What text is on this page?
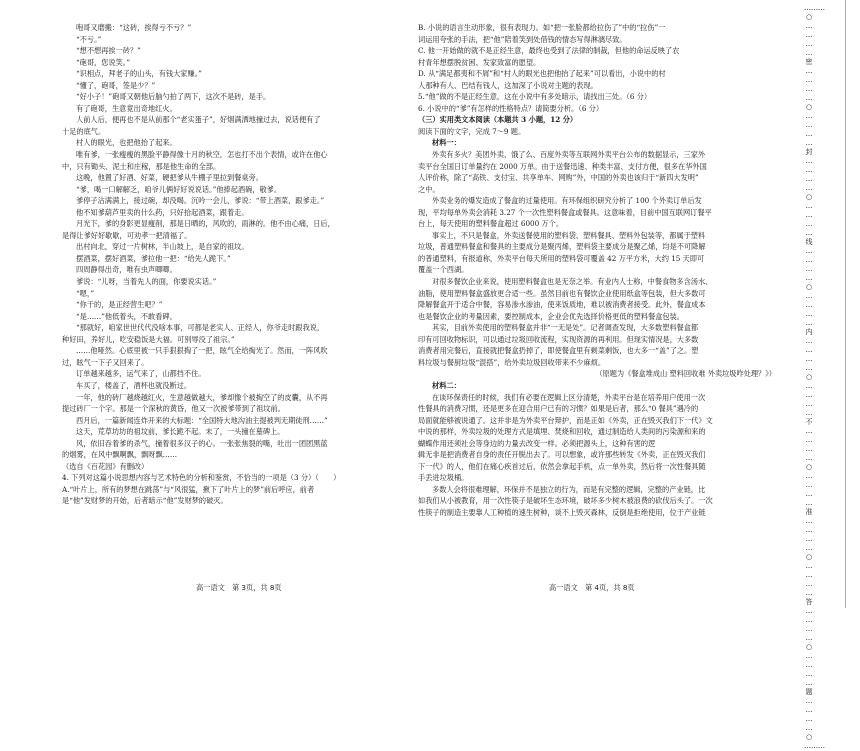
咆哥又磨搬：“这砖，挨得亏不亏？”
“不亏。”
“想不想再挨一砖？”
“砲哥，您说笑。”
“识相点，拜老子的山头，有钱大家赚。”
“懂了，砲哥，签是少？”
“好小子！”砲哥又朝他后脑勺拍了两下，这次不是砖，是手。
有了砲哥，生意竟出奇地红火。
人前人后，便再也不是从前那个“老实蛋子”，好烟满洒地撞过去，说话便有了
十足的底气。
村人的眼光，也把他抬了起来。
唯有爹，一张瘦瘦的黑脸平静得像十月的秋空，怎也打不出个表情，或许在他心
中，只有锄头、泥土和庄稼，那是他生命的全部。
这晚，他置了好酒、好菜，硬把爹从牛棚子里拉到餐桌旁。
“爹，喝一口解解乏，咱爷儿俩好好说说话。”他捧起酒碗，敬爹。
爹停子沾满满上，接过碗，却没喝。沉吟一会儿，爹说：“带上酒菜，跟爹走。”
他不知爹葫芦里卖的什么药，只好拾起酒菜，跟着走。
月光下，爹的身影更显瘦削，那是日晒的，风吹的，雨淋的。他不由心痛，日后，
是得让爹好好歇歇，可劝孝一把清福了。
出村向北，穿过一片树林，半山坡上，是自家的祖坟。
摆酒菜，摆好酒菜，爹拉他一把：“给先人跪下。”
四周静得出奇，唯有虫声唧唧。
爹说：“儿呀，当着先人的面，你要说实话。”
“嗯，”
“你干的，是正经营生吧？”
“是……”他低着头，不敢看碑。
“那就好，咱家世世代代没啥本事，可都是老实人、正经人，你爷走时跟我说，
种好田，养好儿，吃安稳饭是大福。可别辱没了祖宗。”
……他哑然。心底里被一只手狠狠掏了一把，眩气全给掏光了。然而，一阵风吹
过，眩气一下子又回来了。
订单越来越多，运气来了，山都挡不住。
车买了，楼盖了，酒杯也就没断过。
一年，他的砖厂越烧越红火，生意越做越大，爹却像个被掏空了的皮囊，从不再
提过砖厂一个字。那是一个深秋的黄昏，他又一次被爹带到了祖坟前。
西月后，一篇新闻连炸开来的大标题：“全国特大地沟油主提被判无期徒刑……”
这天，荒草坊坊的祖坟前，爹长跪不起。末了，一头撞在墓碑上。
风，依旧吞着爹的杀气，撞着很多汉子的心。一张张焦裂的嘴，吐出一团团黑蓝
的烟雾，在风中飘啊飘，飘呀飘……
（选自《百花园》有删改）
4. 下列对这篇小说思想内容与艺术特色的分析和鉴赏，不恰当的一项是（3 分）（　　）
A.“叶片上，所有的梦想在跳荡”与“风很猛，揪下了叶片上的梦”前后呼应，前者
是“他”发财梦的开始，后者暗示“他”发财梦的破灭。
B. 小说的语言生动形象，很有表现力。如“把一张脸都给拉伤了”中的“拉伤”一
词运用夸张的手法，把“他”陪着笑到处借钱的情态写得淋漓尽致。
C. 他一开始做的就不是正经生意，最终也受到了法律的制裁，但他的命运反映了农
村青年想摆脱贫困、发家致富的愿望。
D. 从“满足都夷和不屑”和“村人的眼光也把他抬了起来”可以看出，小说中的村
人那种有人、巴结有钱人，这加深了小说对主题的表现。
5.“他”做的不是正经生意，这在小说中有多处暗示，请找出三处。（6 分）
6. 小说中的“爹”有怎样的性格特点？请简要分析。（6 分）
（三）实用类文本阅读（本题共 3 小题，12 分）
阅读下面的文字，完成 7～9 题。
材料一：
外卖有多火？美团外卖、饿了么、百度外卖等互联网外卖平台公布的数据显示，三家外
卖平台全国日订单量约在 2000 万单。由于送餐迅速、种类丰富、支付方便，很多在华外国
人评价称，除了“高铁、支付宝、共享单车、网购”外，中国的外卖也该归于“新四大发明”
之中。
外卖业务的爆发造成了餐盒的过量使用。有环保组织研究分析了 100 个外卖订单后发
现，平均每单外卖会消耗 3.27 个一次性塑料餐盒或餐具。这意味着，目前中国互联网订餐平
台上，每天使用的塑料餐盒超过 6000 万个。
事实上，不只是餐盒，外卖送餐使用的塑料袋、塑料餐具、塑料外包装等，都属于塑料
垃圾，普通塑料餐盒和餐具的主要成分是聚丙烯，塑料袋主要成分是聚乙烯，均是不可降解
的普通塑料，有报道称，外卖平台每天所用的塑料袋可覆盖 42 万平方米，大约 15 天即可
覆盖一个西湖。
对很多餐饮企业来说，使用塑料餐盒也是无奈之举。有业内人士称，中餐食物多含汤水、
油脂，使用塑料餐盒盛放更合适一些。虽然目前也有餐饮企业使用纸盒等包装，但大多数可
降解餐盒开于适合中餐，容易渗水渗油，使来饭质地，难以被消费者接受。此外，餐盒成本
也是餐饮企业的考量因素，要控制成本，企业会优先选择价格更低的塑料餐盒包装。
其实，目前外卖使用的塑料餐盒并非“一无是处”。记者调查发现，大多数塑料餐盒都
印有可回收物标识，可以通过垃圾回收流程，实现资源的再利用。但现实情况是，大多数
消费者用完餐后，直接就把餐盒扔掉了，即使餐盒里有剩菜剩饭，也大多一“盖”了之。塑
料垃圾与餐厨垃圾“混搭”，给外卖垃圾回收带来不少麻烦。
（原题为《餐盒堆成山 塑料回收难 外卖垃圾咋处理？》）
材料二：
在谈环保责任的时候，我们有必要在逻辑上区分清楚，外卖平台是在培养用户使用一次
性餐具的消费习惯，还是更多在迎合用户已有的习惯？如果是后者，那么“0 餐具”遇冷的
局面就能够被说通了。这并非是为外卖平台辩护，而是正如《外卖，正在毁灭我们下一代》文
中说的那样，外卖垃圾的处理方式是填埋、焚烧和回收，通过制造给人类间的污染源和来的
蝴蝶作用还须社会等身边的力量去改变一样。必须把源头上，这种有害的逻
辑无非是把消费者自身的责任开脱出去了。可以想象，或许那些转发《外卖，正在毁灭我们
下一代》的人，他们在痛心疾首过后，依然会拿起手机，点一单外卖，然后将一次性餐具随
手丢进垃圾桶。
多数人会将很难理解，环保并不是独立的行为，而是有完整的逻辑，完整的产业链，比
如我们从小被教育，用一次性筷子是破坏生态环境，破坏多少树木被浪费的砍伐后头了。一次
性筷子的制造主要靠人工种植的速生树种，谈不上毁灭森林，反倒是拒绝使用，位于产业链
高一语文　第 3页，共 8页	高一语文　第 4页，共 8页
………
○
…
…
…
…
密
…
…
…
…
○
…
…
…
…
封
…
…
…
…
○
…
…
…
…
线
…
…
…
…
○
…
…
…
…
内
…
…
…
…
○
…
…
…
…
不
…
…
…
…
○
…
…
…
…
准
…
…
…
…
○
…
…
…
…
答
…
…
…
…
○
…
…
…
…
题
…
…
…
…
○
………
